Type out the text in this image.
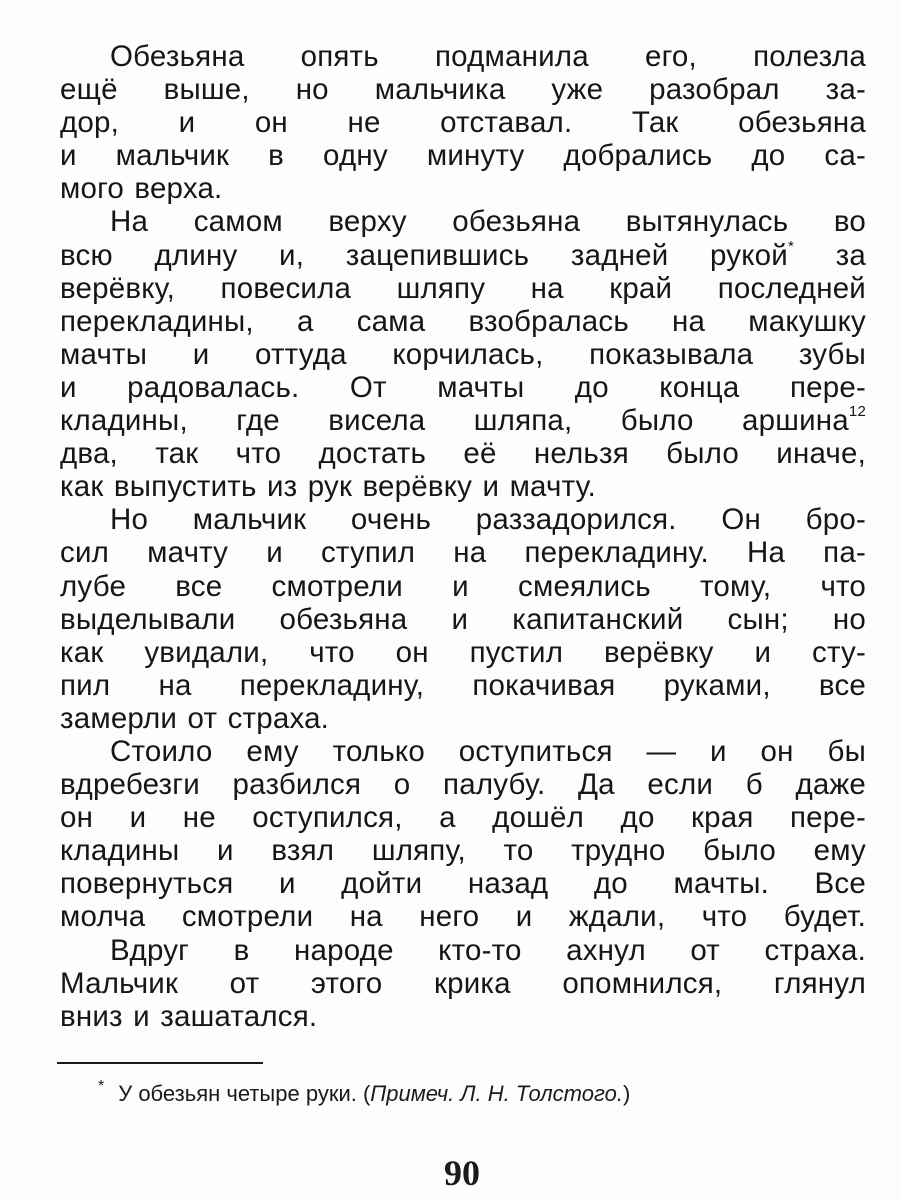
Обезьяна опять подманила его, полезла
ещё выше, но мальчика уже разобрал за-
дор, и он не отставал. Так обезьяна
и мальчик в одну минуту добрались до са-
мого верха.
На самом верху обезьяна вытянулась во
всю длину и, зацепившись задней рукой* за
верёвку, повесила шляпу на край последней
перекладины, а сама взобралась на макушку
мачты и оттуда корчилась, показывала зубы
и радовалась. От мачты до конца пере-
кладины, где висела шляпа, было аршина$^{12}$
два, так что достать её нельзя было иначе,
как выпустить из рук верёвку и мачту.
Но мальчик очень раззадорился. Он бро-
сил мачту и ступил на перекладину. На па-
лубе все смотрели и смеялись тому, что
выделывали обезьяна и капитанский сын; но
как увидали, что он пустил верёвку и сту-
пил на перекладину, покачивая руками, все
замерли от страха.
Стоило ему только оступиться — и он бы
вдребезги разбился о палубу. Да если б даже
он и не оступился, а дошёл до края пере-
кладины и взял шляпу, то трудно было ему
повернуться и дойти назад до мачты. Все
молча смотрели на него и ждали, что будет.
Вдруг в народе кто-то ахнул от страха.
Мальчик от этого крика опомнился, глянул
вниз и зашатался.
* У обезьян четыре руки. (Примеч. Л. Н. Толстого.)
90
